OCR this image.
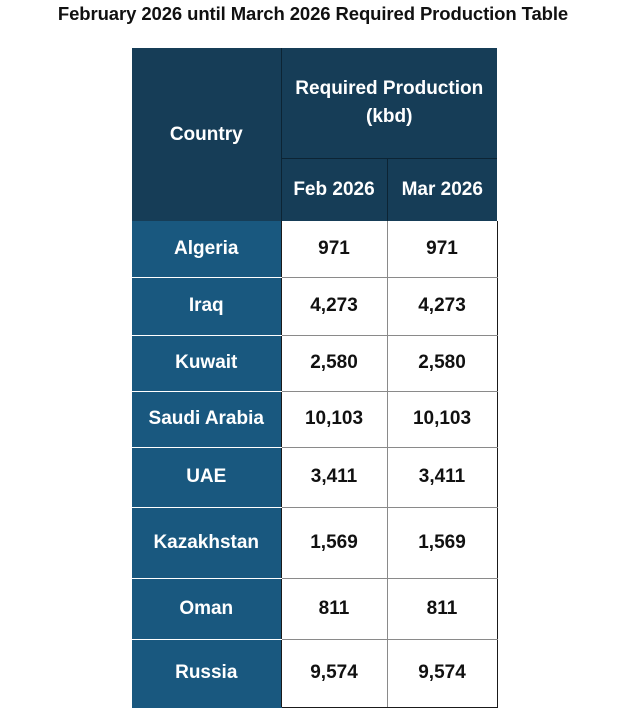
February 2026 until March 2026 Required Production Table
Country	Required Production (kbd)	
	Feb 2026	Mar 2026
Algeria	971	971
Iraq	4,273	4,273
Kuwait	2,580	2,580
Saudi Arabia	10,103	10,103
UAE	3,411	3,411
Kazakhstan	1,569	1,569
Oman	811	811
Russia	9,574	9,574
